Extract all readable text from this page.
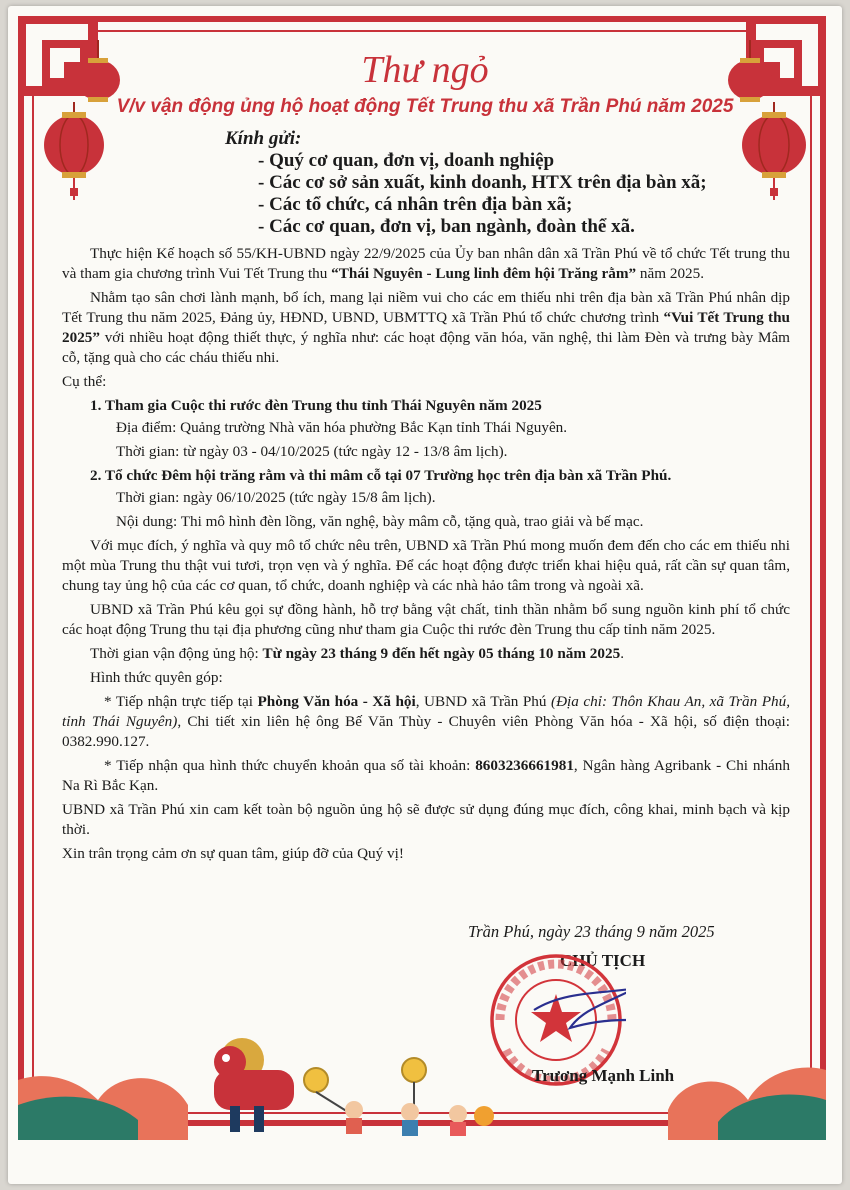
Thư ngỏ
V/v vận động ủng hộ hoạt động Tết Trung thu xã Trần Phú năm 2025
Kính gửi:
- Quý cơ quan, đơn vị, doanh nghiệp
- Các cơ sở sản xuất, kinh doanh, HTX trên địa bàn xã;
- Các tổ chức, cá nhân trên địa bàn xã;
- Các cơ quan, đơn vị, ban ngành, đoàn thể xã.

Thực hiện Kế hoạch số 55/KH-UBND ngày 22/9/2025 của Ủy ban nhân dân xã Trần Phú về tổ chức Tết trung thu và tham gia chương trình Vui Tết Trung thu “Thái Nguyên - Lung linh đêm hội Trăng rằm” năm 2025.

Nhằm tạo sân chơi lành mạnh, bổ ích, mang lại niềm vui cho các em thiếu nhi trên địa bàn xã Trần Phú nhân dịp Tết Trung thu năm 2025, Đảng ủy, HĐND, UBND, UBMTTQ xã Trần Phú tổ chức chương trình “Vui Tết Trung thu 2025” với nhiều hoạt động thiết thực, ý nghĩa như: các hoạt động văn hóa, văn nghệ, thi làm Đèn và trưng bày Mâm cỗ, tặng quà cho các cháu thiếu nhi.

Cụ thể:

1. Tham gia Cuộc thi rước đèn Trung thu tỉnh Thái Nguyên năm 2025

Địa điểm: Quảng trường Nhà văn hóa phường Bắc Kạn tỉnh Thái Nguyên.

Thời gian: từ ngày 03 - 04/10/2025 (tức ngày 12 - 13/8 âm lịch).

2. Tổ chức Đêm hội trăng rằm và thi mâm cỗ tại 07 Trường học trên địa bàn xã Trần Phú.

Thời gian: ngày 06/10/2025 (tức ngày 15/8 âm lịch).

Nội dung: Thi mô hình đèn lồng, văn nghệ, bày mâm cỗ, tặng quà, trao giải và bế mạc.

Với mục đích, ý nghĩa và quy mô tổ chức nêu trên, UBND xã Trần Phú mong muốn đem đến cho các em thiếu nhi một mùa Trung thu thật vui tươi, trọn vẹn và ý nghĩa. Để các hoạt động được triển khai hiệu quả, rất cần sự quan tâm, chung tay ủng hộ của các cơ quan, tổ chức, doanh nghiệp và các nhà hảo tâm trong và ngoài xã.

UBND xã Trần Phú kêu gọi sự đồng hành, hỗ trợ bằng vật chất, tinh thần nhằm bổ sung nguồn kinh phí tổ chức các hoạt động Trung thu tại địa phương cũng như tham gia Cuộc thi rước đèn Trung thu cấp tỉnh năm 2025.

Thời gian vận động ủng hộ: Từ ngày 23 tháng 9 đến hết ngày 05 tháng 10 năm 2025.

Hình thức quyên góp:

* Tiếp nhận trực tiếp tại Phòng Văn hóa - Xã hội, UBND xã Trần Phú (Địa chỉ: Thôn Khau An, xã Trần Phú, tỉnh Thái Nguyên), Chi tiết xin liên hệ ông Bế Văn Thùy - Chuyên viên Phòng Văn hóa - Xã hội, số điện thoại: 0382.990.127.

* Tiếp nhận qua hình thức chuyển khoản qua số tài khoản: 8603236661981, Ngân hàng Agribank - Chi nhánh Na Rì Bắc Kạn.

UBND xã Trần Phú xin cam kết toàn bộ nguồn ủng hộ sẽ được sử dụng đúng mục đích, công khai, minh bạch và kịp thời.

Xin trân trọng cảm ơn sự quan tâm, giúp đỡ của Quý vị!

Trần Phú, ngày 23 tháng 9 năm 2025
CHỦ TỊCH
Trương Mạnh Linh
